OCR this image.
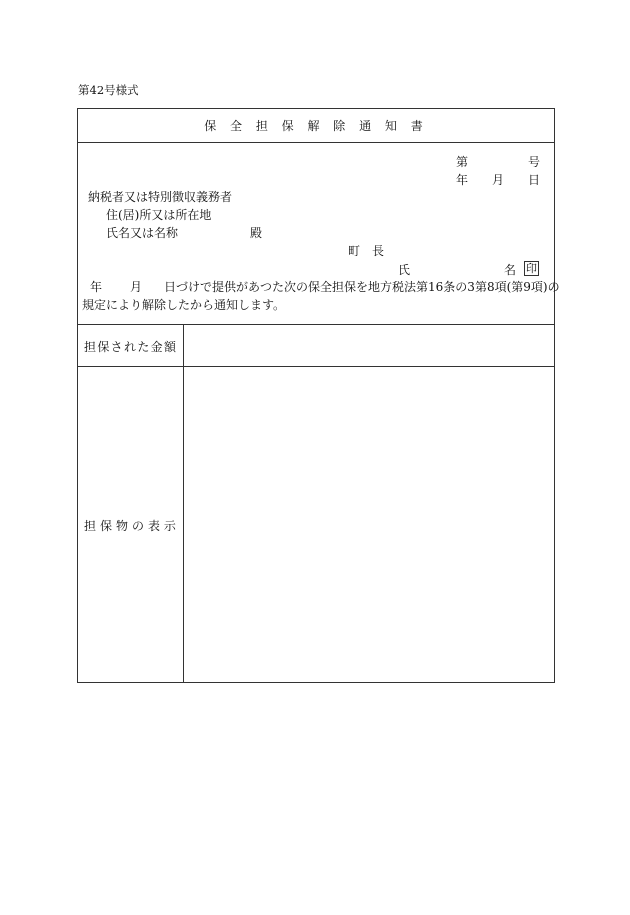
第42号様式
保 全 担 保 解 除 通 知 書
第	号
年 月 日
納税者又は特別徴収義務者
住(居)所又は所在地
氏名又は名称	殿
町　長
氏	名 印
年 月 日づけで提供があつた次の保全担保を地方税法第16条の3第8項(第9項)の
規定により解除したから通知します。
担 保 さ れ た 金 額
担 保 物 の 表 示
